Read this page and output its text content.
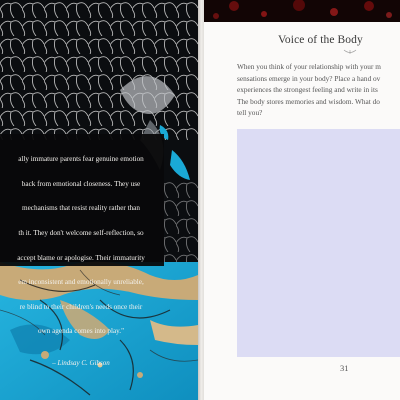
ally immature parents fear genuine emotion

back from emotional closeness. They use

mechanisms that resist reality rather than

th it. They don't welcome self-reflection, so

accept blame or apologise. Their immaturity

em inconsistent and emotionally unreliable,

re blind to their children's needs once their

own agenda comes into play."

– Lindsay C. Gibson
Voice of the Body
When you think of your relationship with your m
sensations emerge in your body? Place a hand ov
experiences the strongest feeling and write in its
The body stores memories and wisdom. What do
tell you?
31
